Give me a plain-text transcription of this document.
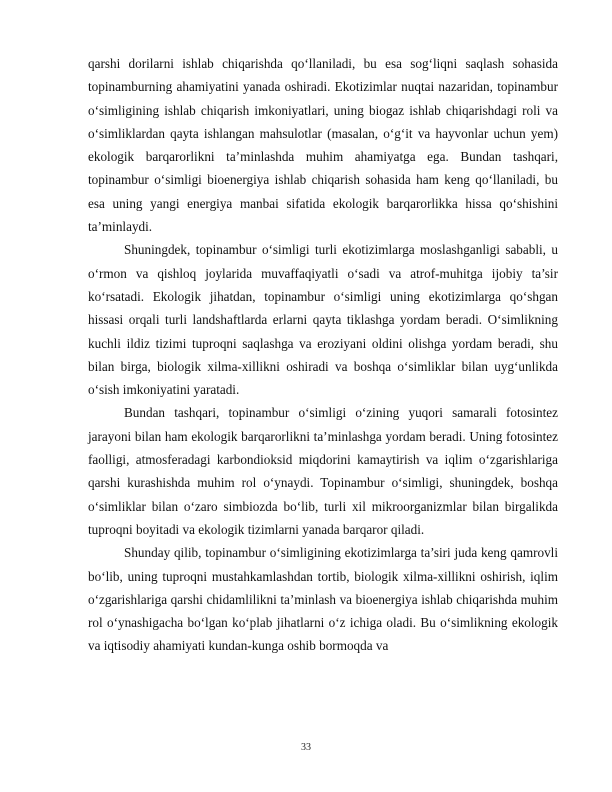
qarshi dorilarni ishlab chiqarishda qo‘llaniladi, bu esa sog‘liqni saqlash sohasida topinamburning ahamiyatini yanada oshiradi. Ekotizimlar nuqtai nazaridan, topinambur o‘simligining ishlab chiqarish imkoniyatlari, uning biogaz ishlab chiqarishdagi roli va o‘simliklardan qayta ishlangan mahsulotlar (masalan, o‘g‘it va hayvonlar uchun yem) ekologik barqarorlikni ta’minlashda muhim ahamiyatga ega. Bundan tashqari, topinambur o‘simligi bioenergiya ishlab chiqarish sohasida ham keng qo‘llaniladi, bu esa uning yangi energiya manbai sifatida ekologik barqarorlikka hissa qo‘shishini ta’minlaydi.

Shuningdek, topinambur o‘simligi turli ekotizimlarga moslashganligi sababli, u o‘rmon va qishloq joylarida muvaffaqiyatli o‘sadi va atrof-muhitga ijobiy ta’sir ko‘rsatadi. Ekologik jihatdan, topinambur o‘simligi uning ekotizimlarga qo‘shgan hissasi orqali turli landshaftlarda erlarni qayta tiklashga yordam beradi. O‘simlikning kuchli ildiz tizimi tuproqni saqlashga va eroziyani oldini olishga yordam beradi, shu bilan birga, biologik xilma-xillikni oshiradi va boshqa o‘simliklar bilan uyg‘unlikda o‘sish imkoniyatini yaratadi.

Bundan tashqari, topinambur o‘simligi o‘zining yuqori samarali fotosintez jarayoni bilan ham ekologik barqarorlikni ta’minlashga yordam beradi. Uning fotosintez faolligi, atmosferadagi karbondioksid miqdorini kamaytirish va iqlim o‘zgarishlariga qarshi kurashishda muhim rol o‘ynaydi. Topinambur o‘simligi, shuningdek, boshqa o‘simliklar bilan o‘zaro simbiozda bo‘lib, turli xil mikroorganizmlar bilan birgalikda tuproqni boyitadi va ekologik tizimlarni yanada barqaror qiladi.

Shunday qilib, topinambur o‘simligining ekotizimlarga ta’siri juda keng qamrovli bo‘lib, uning tuproqni mustahkamlashdan tortib, biologik xilma-xillikni oshirish, iqlim o‘zgarishlariga qarshi chidamlilikni ta’minlash va bioenergiya ishlab chiqarishda muhim rol o‘ynashigacha bo‘lgan ko‘plab jihatlarni o‘z ichiga oladi. Bu o‘simlikning ekologik va iqtisodiy ahamiyati kundan-kunga oshib bormoqda va

33
